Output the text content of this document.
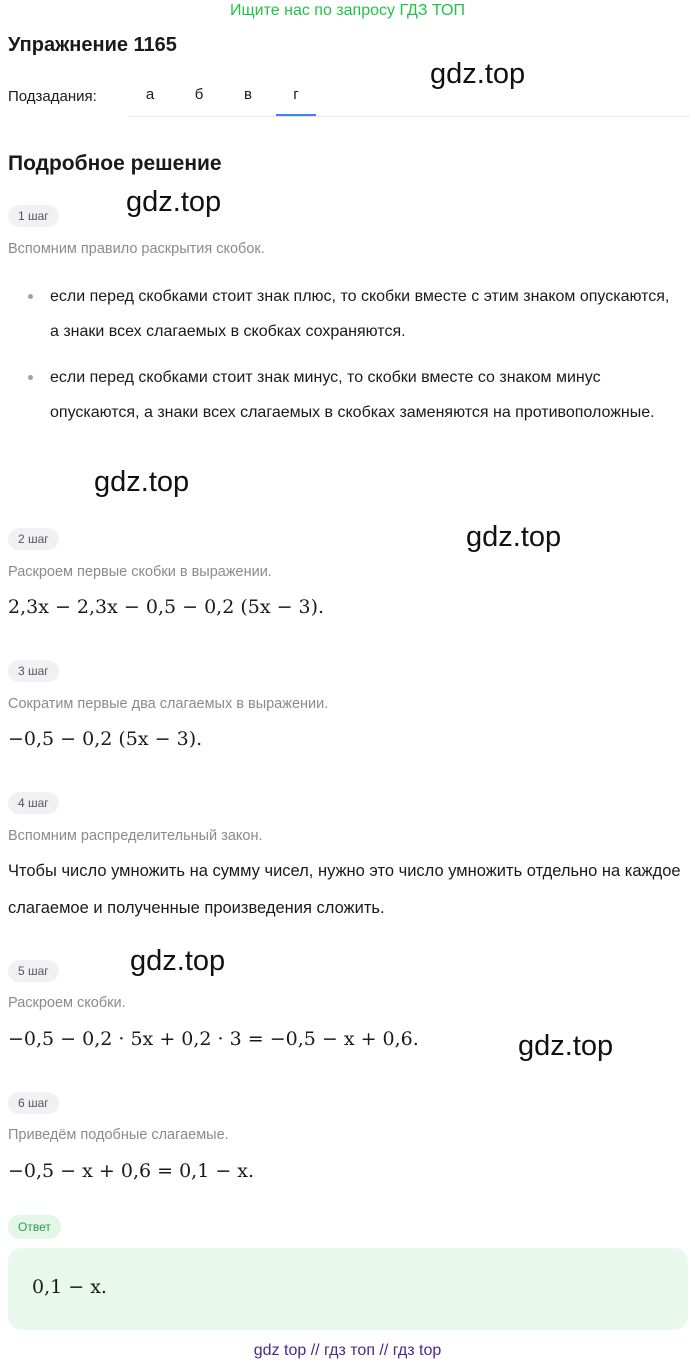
Ищите нас по запросу ГДЗ ТОП
Упражнение 1165
gdz.top
Подзадания:	а	б	в	г
Подробное решение
gdz.top
1 шаг
Вспомним правило раскрытия скобок.
если перед скобками стоит знак плюс, то скобки вместе с этим знаком опускаются, а знаки всех слагаемых в скобках сохраняются.
если перед скобками стоит знак минус, то скобки вместе со знаком минус опускаются, а знаки всех слагаемых в скобках заменяются на противоположные.
gdz.top
gdz.top
2 шаг
Раскроем первые скобки в выражении.
2,3x − 2,3x − 0,5 − 0,2 (5x − 3).
3 шаг
Сократим первые два слагаемых в выражении.
−0,5 − 0,2 (5x − 3).
4 шаг
Вспомним распределительный закон.
Чтобы число умножить на сумму чисел, нужно это число умножить отдельно на каждое слагаемое и полученные произведения сложить.
gdz.top
5 шаг
Раскроем скобки.
−0,5 − 0,2 · 5x + 0,2 · 3 = −0,5 − x + 0,6.	gdz.top
6 шаг
Приведём подобные слагаемые.
−0,5 − x + 0,6 = 0,1 − x.
Ответ
0,1 − x.
gdz top // гдз топ // гдз top
